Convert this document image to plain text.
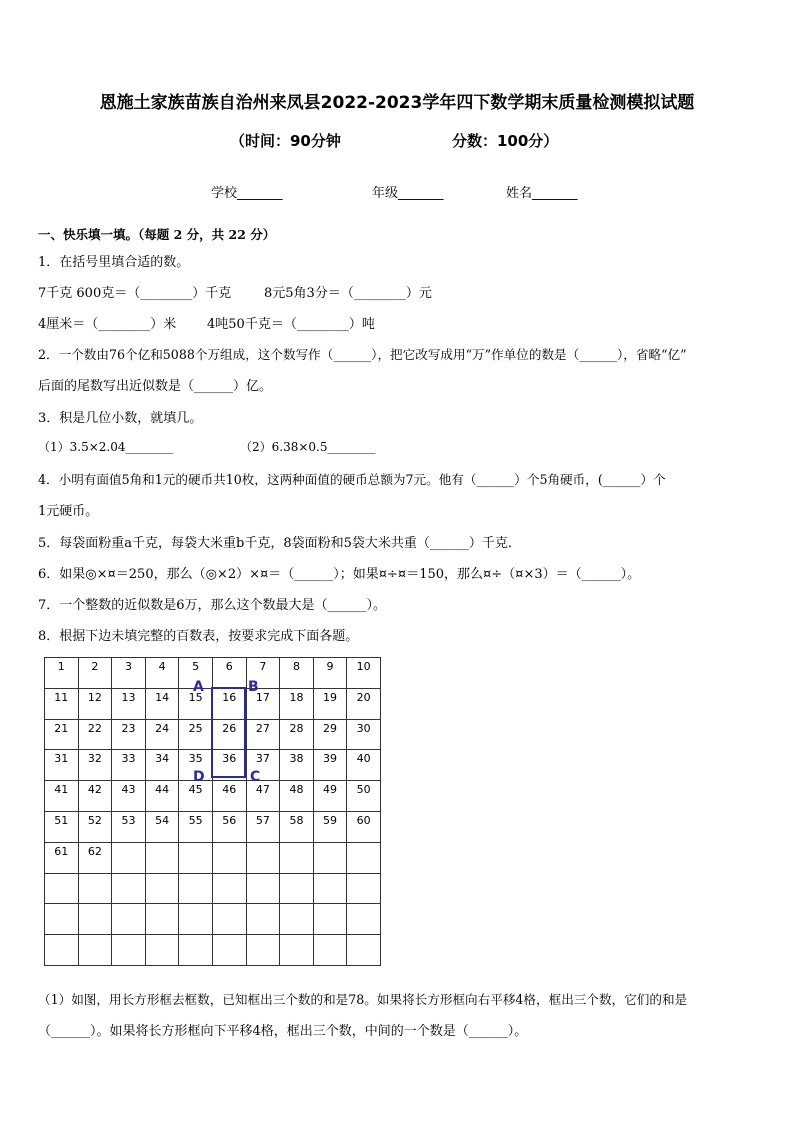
恩施土家族苗族自治州来凤县2022-2023学年四下数学期末质量检测模拟试题
（时间：90分钟	分数：100分）
学校_______	年级_______	姓名_______
一、快乐填一填。（每题 2 分，共 22 分）
1．在括号里填合适的数。
7千克 600克＝（________）千克	8元5角3分＝（________）元
4厘米＝（________）米 4吨50千克＝（________）吨
2．一个数由76个亿和5088个万组成，这个数写作（______），把它改写成用“万”作单位的数是（______），省略“亿”
后面的尾数写出近似数是（______）亿。
3．积是几位小数，就填几。
（1）3.5×2.04________	（2）6.38×0.5________
4．小明有面值5角和1元的硬币共10枚，这两种面值的硬币总额为7元。他有（______）个5角硬币，(______）个
1元硬币。
5．每袋面粉重a千克，每袋大米重b千克，8袋面粉和5袋大米共重（______）千克．
6．如果◎×¤＝250，那么（◎×2）×¤＝（______）；如果¤÷¤＝150，那么¤÷（¤×3）＝（______）。
7．一个整数的近似数是6万，那么这个数最大是（______）。
8．根据下边未填完整的百数表，按要求完成下面各题。
1	2	3	4	5	6	7	8	9	10
11	12	13	14	15	16	17	18	19	20
21	22	23	24	25	26	27	28	29	30
31	32	33	34	35	36	37	38	39	40
41	42	43	44	45	46	47	48	49	50
51	52	53	54	55	56	57	58	59	60
61	62								

A	B
C
D
（1）如图，用长方形框去框数，已知框出三个数的和是78。如果将长方形框向右平移4格，框出三个数，它们的和是
（______）。如果将长方形框向下平移4格，框出三个数，中间的一个数是（______）。
